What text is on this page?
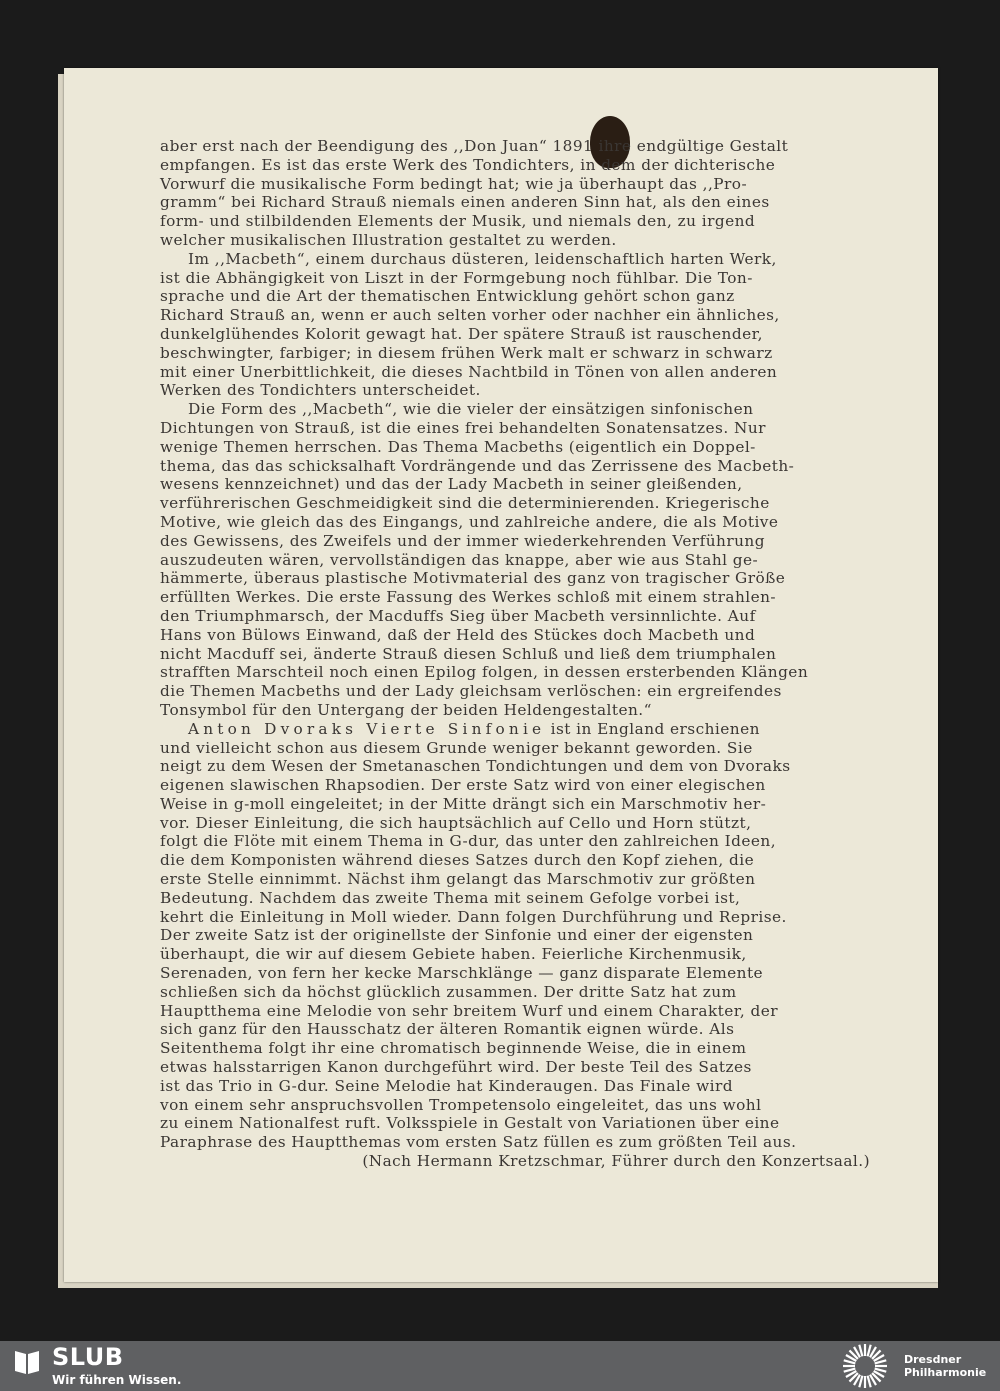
aber erst nach der Beendigung des ,,Don Juan“ 1891 ihre endgültige Gestalt
empfangen. Es ist das erste Werk des Tondichters, in dem der dichterische
Vorwurf die musikalische Form bedingt hat; wie ja überhaupt das ,,Pro-
gramm“ bei Richard Strauß niemals einen anderen Sinn hat, als den eines
form- und stilbildenden Elements der Musik, und niemals den, zu irgend
welcher musikalischen Illustration gestaltet zu werden.

Im ,,Macbeth“, einem durchaus düsteren, leidenschaftlich harten Werk,
ist die Abhängigkeit von Liszt in der Formgebung noch fühlbar. Die Ton-
sprache und die Art der thematischen Entwicklung gehört schon ganz
Richard Strauß an, wenn er auch selten vorher oder nachher ein ähnliches,
dunkelglühendes Kolorit gewagt hat. Der spätere Strauß ist rauschender,
beschwingter, farbiger; in diesem frühen Werk malt er schwarz in schwarz
mit einer Unerbittlichkeit, die dieses Nachtbild in Tönen von allen anderen
Werken des Tondichters unterscheidet.

Die Form des ,,Macbeth“, wie die vieler der einsätzigen sinfonischen
Dichtungen von Strauß, ist die eines frei behandelten Sonatensatzes. Nur
wenige Themen herrschen. Das Thema Macbeths (eigentlich ein Doppel-
thema, das das schicksalhaft Vordrängende und das Zerrissene des Macbeth-
wesens kennzeichnet) und das der Lady Macbeth in seiner gleißenden,
verführerischen Geschmeidigkeit sind die determinierenden. Kriegerische
Motive, wie gleich das des Eingangs, und zahlreiche andere, die als Motive
des Gewissens, des Zweifels und der immer wiederkehrenden Verführung
auszudeuten wären, vervollständigen das knappe, aber wie aus Stahl ge-
hämmerte, überaus plastische Motivmaterial des ganz von tragischer Größe
erfüllten Werkes. Die erste Fassung des Werkes schloß mit einem strahlen-
den Triumphmarsch, der Macduffs Sieg über Macbeth versinnlichte. Auf
Hans von Bülows Einwand, daß der Held des Stückes doch Macbeth und
nicht Macduff sei, änderte Strauß diesen Schluß und ließ dem triumphalen
strafften Marschteil noch einen Epilog folgen, in dessen ersterbenden Klängen
die Themen Macbeths und der Lady gleichsam verlöschen: ein ergreifendes
Tonsymbol für den Untergang der beiden Heldengestalten.“

Anton Dvoraks Vierte Sinfonie ist in England erschienen
und vielleicht schon aus diesem Grunde weniger bekannt geworden. Sie
neigt zu dem Wesen der Smetanaschen Tondichtungen und dem von Dvoraks
eigenen slawischen Rhapsodien. Der erste Satz wird von einer elegischen
Weise in g-moll eingeleitet; in der Mitte drängt sich ein Marschmotiv her-
vor. Dieser Einleitung, die sich hauptsächlich auf Cello und Horn stützt,
folgt die Flöte mit einem Thema in G-dur, das unter den zahlreichen Ideen,
die dem Komponisten während dieses Satzes durch den Kopf ziehen, die
erste Stelle einnimmt. Nächst ihm gelangt das Marschmotiv zur größten
Bedeutung. Nachdem das zweite Thema mit seinem Gefolge vorbei ist,
kehrt die Einleitung in Moll wieder. Dann folgen Durchführung und Reprise.
Der zweite Satz ist der originellste der Sinfonie und einer der eigensten
überhaupt, die wir auf diesem Gebiete haben. Feierliche Kirchenmusik,
Serenaden, von fern her kecke Marschklänge — ganz disparate Elemente
schließen sich da höchst glücklich zusammen. Der dritte Satz hat zum
Hauptthema eine Melodie von sehr breitem Wurf und einem Charakter, der
sich ganz für den Hausschatz der älteren Romantik eignen würde. Als
Seitenthema folgt ihr eine chromatisch beginnende Weise, die in einem
etwas halsstarrigen Kanon durchgeführt wird. Der beste Teil des Satzes
ist das Trio in G-dur. Seine Melodie hat Kinderaugen. Das Finale wird
von einem sehr anspruchsvollen Trompetensolo eingeleitet, das uns wohl
zu einem Nationalfest ruft. Volksspiele in Gestalt von Variationen über eine
Paraphrase des Hauptthemas vom ersten Satz füllen es zum größten Teil aus.

(Nach Hermann Kretzschmar, Führer durch den Konzertsaal.)

SLUB
Wir führen Wissen.
Dresdner
Philharmonie
